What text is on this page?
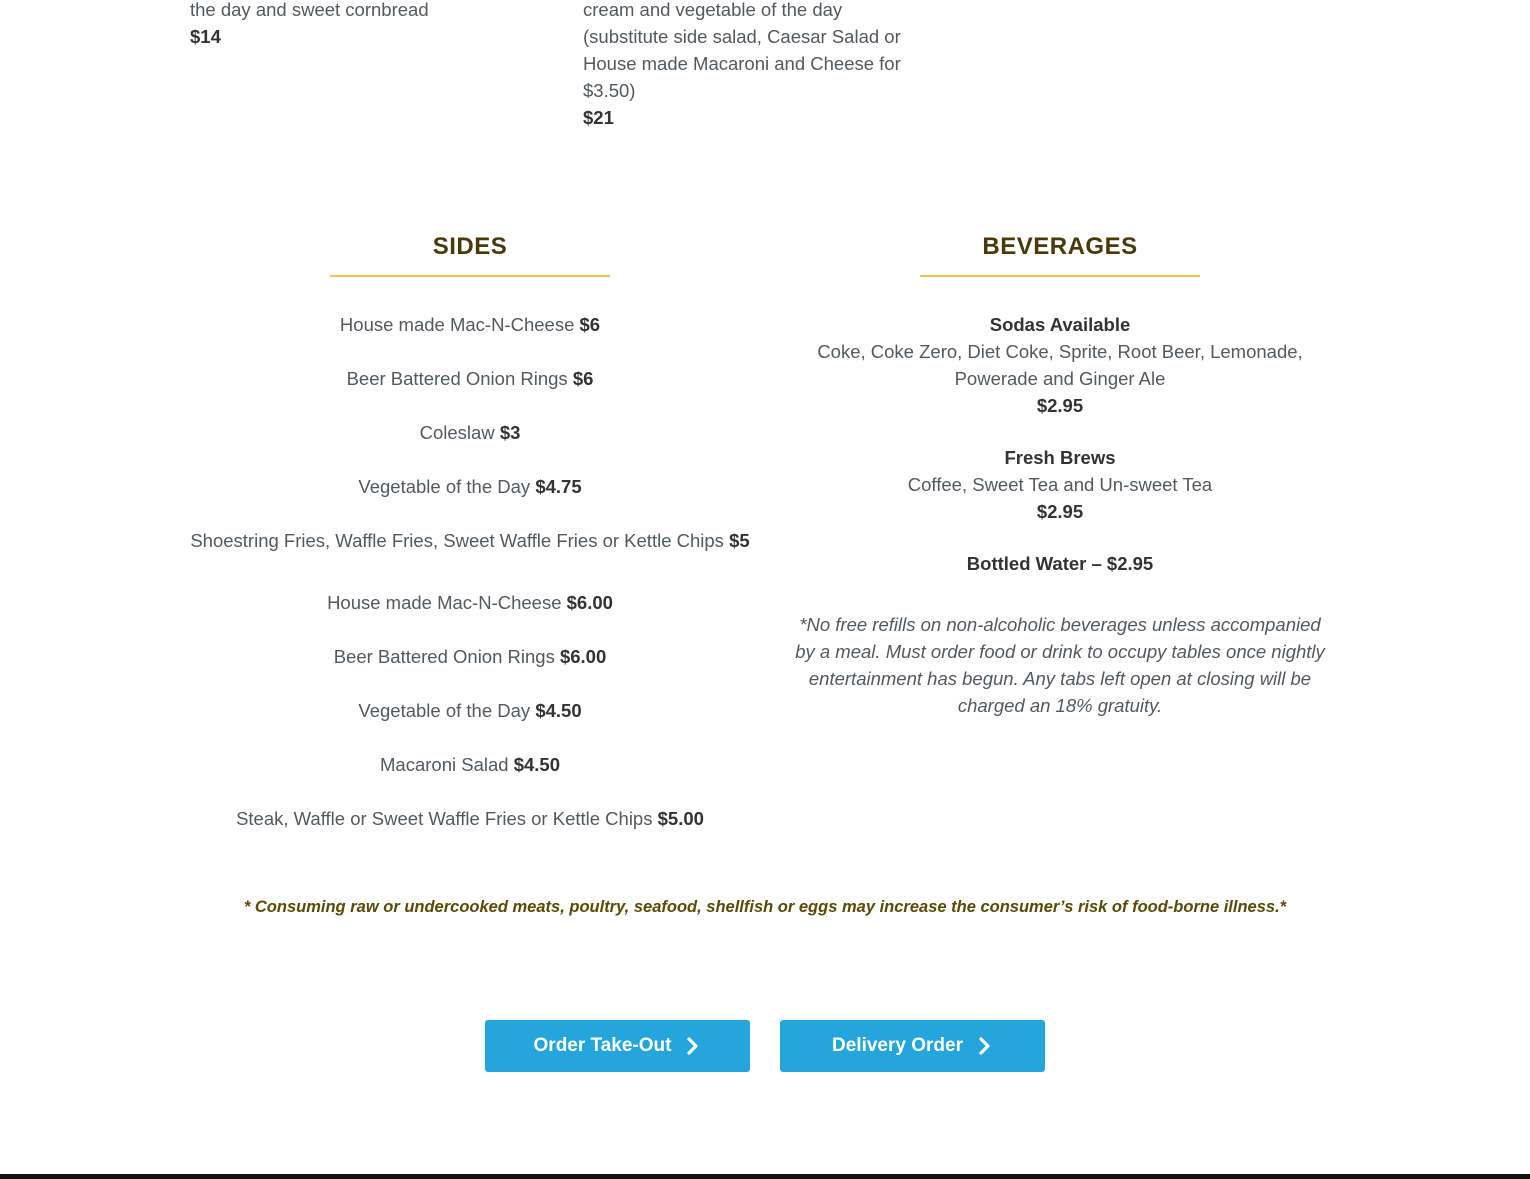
the day and sweet cornbread
$14
cream and vegetable of the day
(substitute side salad, Caesar Salad or
House made Macaroni and Cheese for
$3.50)
$21
SIDES
House made Mac-N-Cheese $6
Beer Battered Onion Rings $6
Coleslaw $3
Vegetable of the Day $4.75
Shoestring Fries, Waffle Fries, Sweet Waffle Fries or Kettle Chips $5
House made Mac-N-Cheese $6.00
Beer Battered Onion Rings $6.00
Vegetable of the Day $4.50
Macaroni Salad $4.50
Steak, Waffle or Sweet Waffle Fries or Kettle Chips $5.00
BEVERAGES
Sodas Available
Coke, Coke Zero, Diet Coke, Sprite, Root Beer, Lemonade, Powerade and Ginger Ale
$2.95
Fresh Brews
Coffee, Sweet Tea and Un-sweet Tea
$2.95
Bottled Water – $2.95
*No free refills on non-alcoholic beverages unless accompanied by a meal. Must order food or drink to occupy tables once nightly entertainment has begun. Any tabs left open at closing will be charged an 18% gratuity.
* Consuming raw or undercooked meats, poultry, seafood, shellfish or eggs may increase the consumer’s risk of food-borne illness.*
Order Take-Out	Delivery Order
